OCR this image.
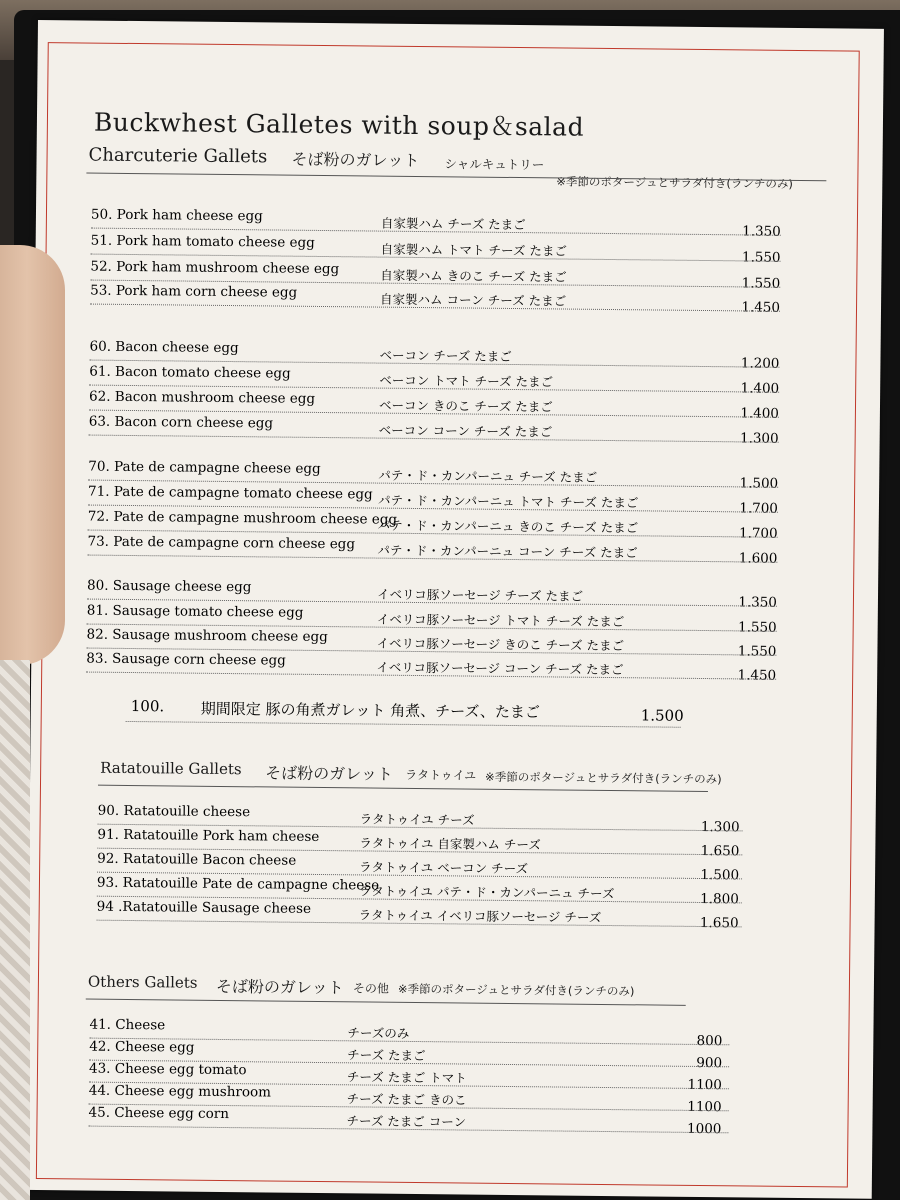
Buckwhest Galletes with soup＆salad
Charcuterie Gallets そば粉のガレット シャルキュトリー
※季節のポタージュとサラダ付き(ランチのみ)
50. Pork ham cheese egg	自家製ハム チーズ たまご	1.350
51. Pork ham tomato cheese egg	自家製ハム トマト チーズ たまご	1.550
52. Pork ham mushroom cheese egg	自家製ハム きのこ チーズ たまご	1.550
53. Pork ham corn cheese egg	自家製ハム コーン チーズ たまご	1.450
60. Bacon cheese egg	ベーコン チーズ たまご	1.200
61. Bacon tomato cheese egg	ベーコン トマト チーズ たまご	1.400
62. Bacon mushroom cheese egg	ベーコン きのこ チーズ たまご	1.400
63. Bacon corn cheese egg	ベーコン コーン チーズ たまご	1.300
70. Pate de campagne cheese egg	パテ・ド・カンパーニュ チーズ たまご	1.500
71. Pate de campagne tomato cheese egg パテ・ド・カンパーニュ トマト チーズ たまご	1.700
72. Pate de campagne mushroom cheese egg
パテ・ド・カンパーニュ きのこ チーズ たまご	1.700
73. Pate de campagne corn cheese egg パテ・ド・カンパーニュ コーン チーズ たまご	1.600
80. Sausage cheese egg	イベリコ豚ソーセージ チーズ たまご	1.350
81. Sausage tomato cheese egg	イベリコ豚ソーセージ トマト チーズ たまご	1.550
82. Sausage mushroom cheese egg	イベリコ豚ソーセージ きのこ チーズ たまご	1.550
83. Sausage corn cheese egg	イベリコ豚ソーセージ コーン チーズ たまご	1.450
100. 期間限定 豚の角煮ガレット 角煮、チーズ、たまご	1.500
Ratatouille Gallets そば粉のガレット ラタトゥイユ ※季節のポタージュとサラダ付き(ランチのみ)
90. Ratatouille cheese	ラタトゥイユ チーズ	1.300
91. Ratatouille Pork ham cheese	ラタトゥイユ 自家製ハム チーズ	1.650
92. Ratatouille Bacon cheese	ラタトゥイユ ベーコン チーズ	1.500
93. Ratatouille Pate de campagne cheese
ラタトゥイユ パテ・ド・カンパーニュ チーズ	1.800
94 .Ratatouille Sausage cheese	ラタトゥイユ イベリコ豚ソーセージ チーズ	1.650
Others Gallets そば粉のガレット その他 ※季節のポタージュとサラダ付き(ランチのみ)
41. Cheese	チーズのみ	800
42. Cheese egg	チーズ たまご	900
43. Cheese egg tomato	チーズ たまご トマト	1100
44. Cheese egg mushroom	チーズ たまご きのこ	1100
45. Cheese egg corn	チーズ たまご コーン	1000
